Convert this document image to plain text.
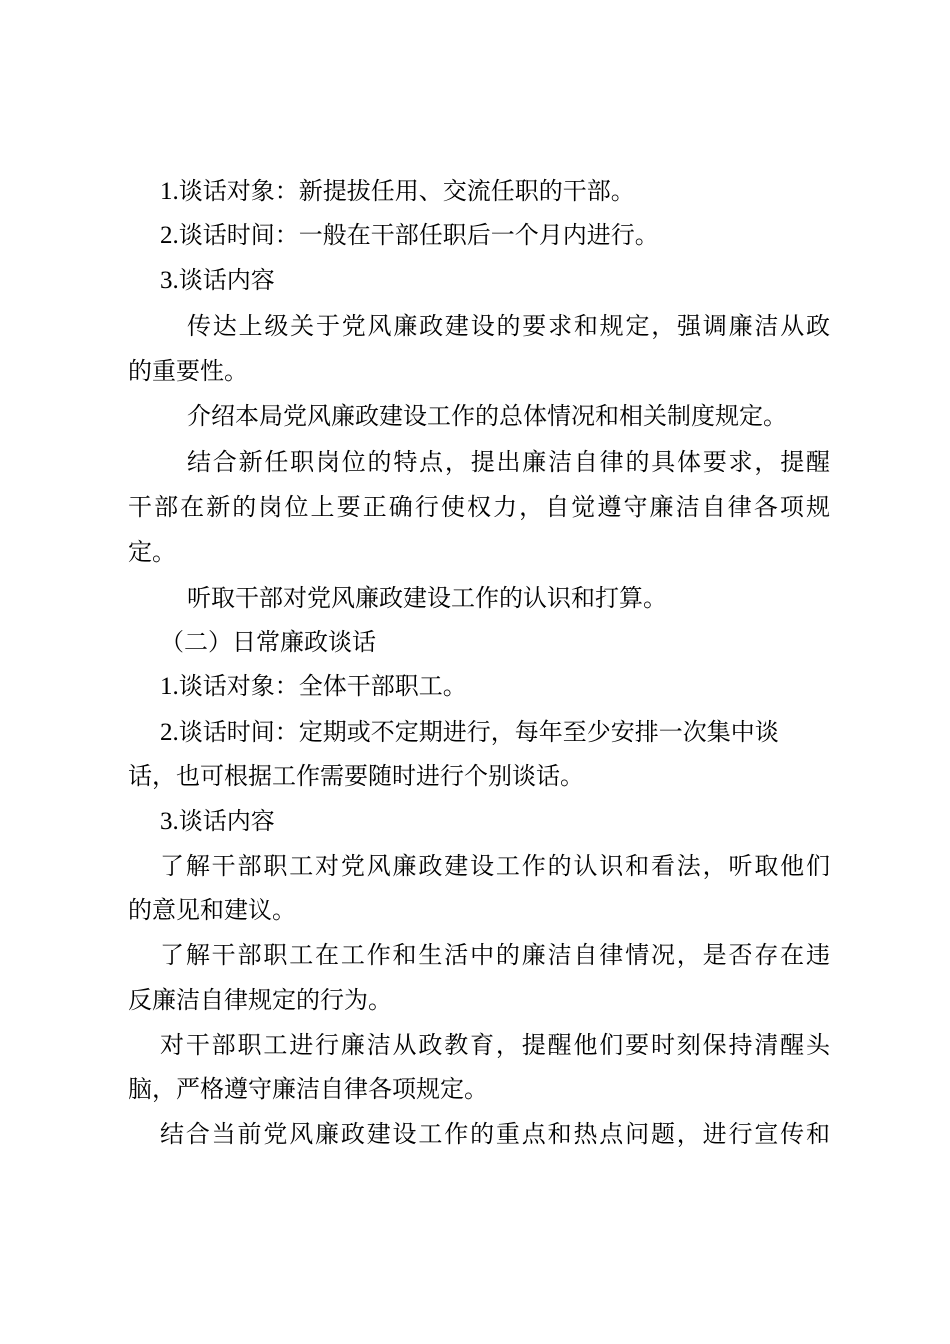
1.谈话对象：新提拔任用、交流任职的干部。
2.谈话时间：一般在干部任职后一个月内进行。
3.谈话内容
传达上级关于党风廉政建设的要求和规定，强调廉洁从政
的重要性。
介绍本局党风廉政建设工作的总体情况和相关制度规定。
结合新任职岗位的特点，提出廉洁自律的具体要求，提醒
干部在新的岗位上要正确行使权力，自觉遵守廉洁自律各项规
定。
听取干部对党风廉政建设工作的认识和打算。
（二）日常廉政谈话
1.谈话对象：全体干部职工。
2.谈话时间：定期或不定期进行，每年至少安排一次集中谈
话，也可根据工作需要随时进行个别谈话。
3.谈话内容
了解干部职工对党风廉政建设工作的认识和看法，听取他们
的意见和建议。
了解干部职工在工作和生活中的廉洁自律情况，是否存在违
反廉洁自律规定的行为。
对干部职工进行廉洁从政教育，提醒他们要时刻保持清醒头
脑，严格遵守廉洁自律各项规定。
结合当前党风廉政建设工作的重点和热点问题，进行宣传和
